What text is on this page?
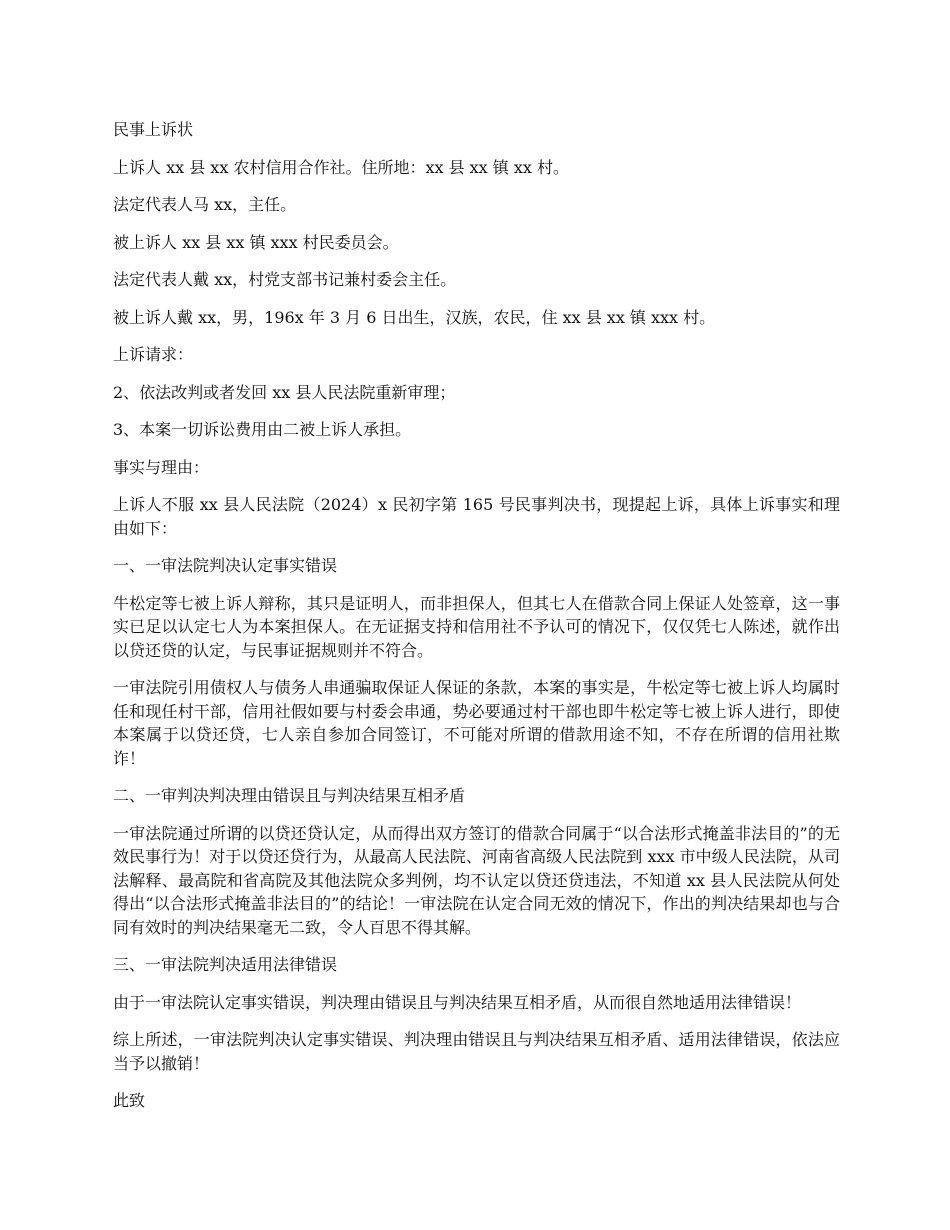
民事上诉状

上诉人 xx 县 xx 农村信用合作社。住所地：xx 县 xx 镇 xx 村。

法定代表人马 xx，主任。

被上诉人 xx 县 xx 镇 xxx 村民委员会。

法定代表人戴 xx，村党支部书记兼村委会主任。

被上诉人戴 xx，男，196x 年 3 月 6 日出生，汉族，农民，住 xx 县 xx 镇 xxx 村。

上诉请求：

2、依法改判或者发回 xx 县人民法院重新审理；

3、本案一切诉讼费用由二被上诉人承担。

事实与理由：

上诉人不服 xx 县人民法院（2024）x 民初字第 165 号民事判决书，现提起上诉，具体上诉事实和理由如下：

一、一审法院判决认定事实错误

牛松定等七被上诉人辩称，其只是证明人，而非担保人，但其七人在借款合同上保证人处签章，这一事实已足以认定七人为本案担保人。在无证据支持和信用社不予认可的情况下，仅仅凭七人陈述，就作出以贷还贷的认定，与民事证据规则并不符合。

一审法院引用债权人与债务人串通骗取保证人保证的条款，本案的事实是，牛松定等七被上诉人均属时任和现任村干部，信用社假如要与村委会串通，势必要通过村干部也即牛松定等七被上诉人进行，即使本案属于以贷还贷，七人亲自参加合同签订，不可能对所谓的借款用途不知，不存在所谓的信用社欺诈！

二、一审判决判决理由错误且与判决结果互相矛盾

一审法院通过所谓的以贷还贷认定，从而得出双方签订的借款合同属于“以合法形式掩盖非法目的”的无效民事行为！对于以贷还贷行为，从最高人民法院、河南省高级人民法院到 xxx 市中级人民法院，从司法解释、最高院和省高院及其他法院众多判例，均不认定以贷还贷违法，不知道 xx 县人民法院从何处得出“以合法形式掩盖非法目的”的结论！一审法院在认定合同无效的情况下，作出的判决结果却也与合同有效时的判决结果毫无二致，令人百思不得其解。

三、一审法院判决适用法律错误

由于一审法院认定事实错误，判决理由错误且与判决结果互相矛盾，从而很自然地适用法律错误！

综上所述，一审法院判决认定事实错误、判决理由错误且与判决结果互相矛盾、适用法律错误，依法应当予以撤销！

此致
